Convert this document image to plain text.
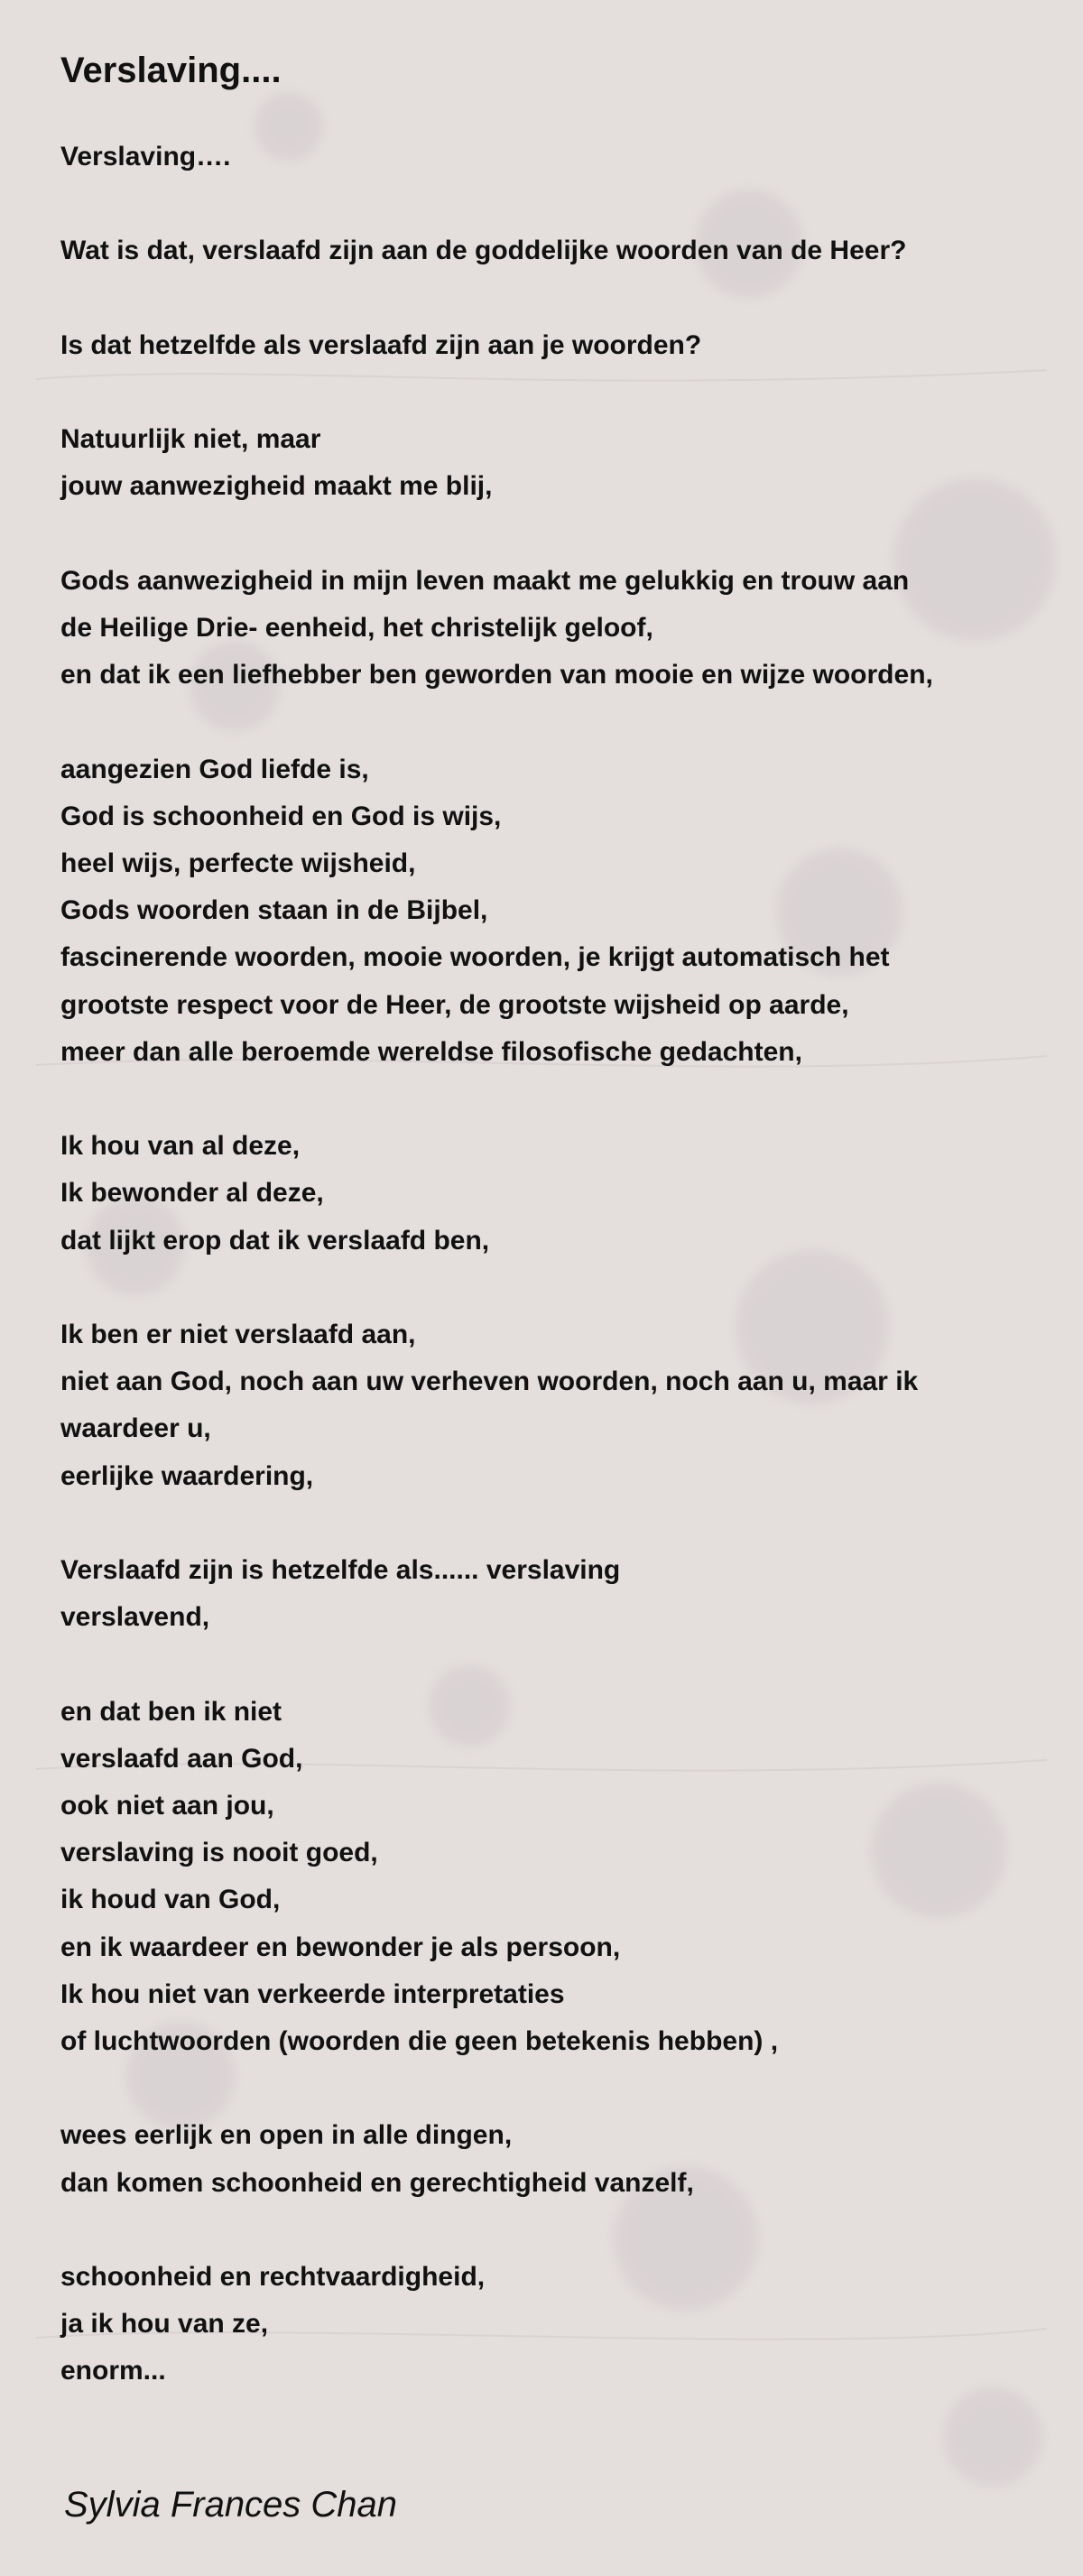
Verslaving....
Verslaving….
Wat is dat, verslaafd zijn aan de goddelijke woorden van de Heer?
Is dat hetzelfde als verslaafd zijn aan je woorden?
Natuurlijk niet, maar
jouw aanwezigheid maakt me blij,
Gods aanwezigheid in mijn leven maakt me gelukkig en trouw aan
de Heilige Drie- eenheid, het christelijk geloof,
en dat ik een liefhebber ben geworden van mooie en wijze woorden,
aangezien God liefde is,
God is schoonheid en God is wijs,
heel wijs, perfecte wijsheid,
Gods woorden staan in de Bijbel,
fascinerende woorden, mooie woorden, je krijgt automatisch het
grootste respect voor de Heer, de grootste wijsheid op aarde,
meer dan alle beroemde wereldse filosofische gedachten,
Ik hou van al deze,
Ik bewonder al deze,
dat lijkt erop dat ik verslaafd ben,
Ik ben er niet verslaafd aan,
niet aan God, noch aan uw verheven woorden, noch aan u, maar ik
waardeer u,
eerlijke waardering,
Verslaafd zijn is hetzelfde als...... verslaving
verslavend,
en dat ben ik niet
verslaafd aan God,
ook niet aan jou,
verslaving is nooit goed,
ik houd van God,
en ik waardeer en bewonder je als persoon,
Ik hou niet van verkeerde interpretaties
of luchtwoorden (woorden die geen betekenis hebben) ,
wees eerlijk en open in alle dingen,
dan komen schoonheid en gerechtigheid vanzelf,
schoonheid en rechtvaardigheid,
ja ik hou van ze,
enorm...
Sylvia Frances Chan
